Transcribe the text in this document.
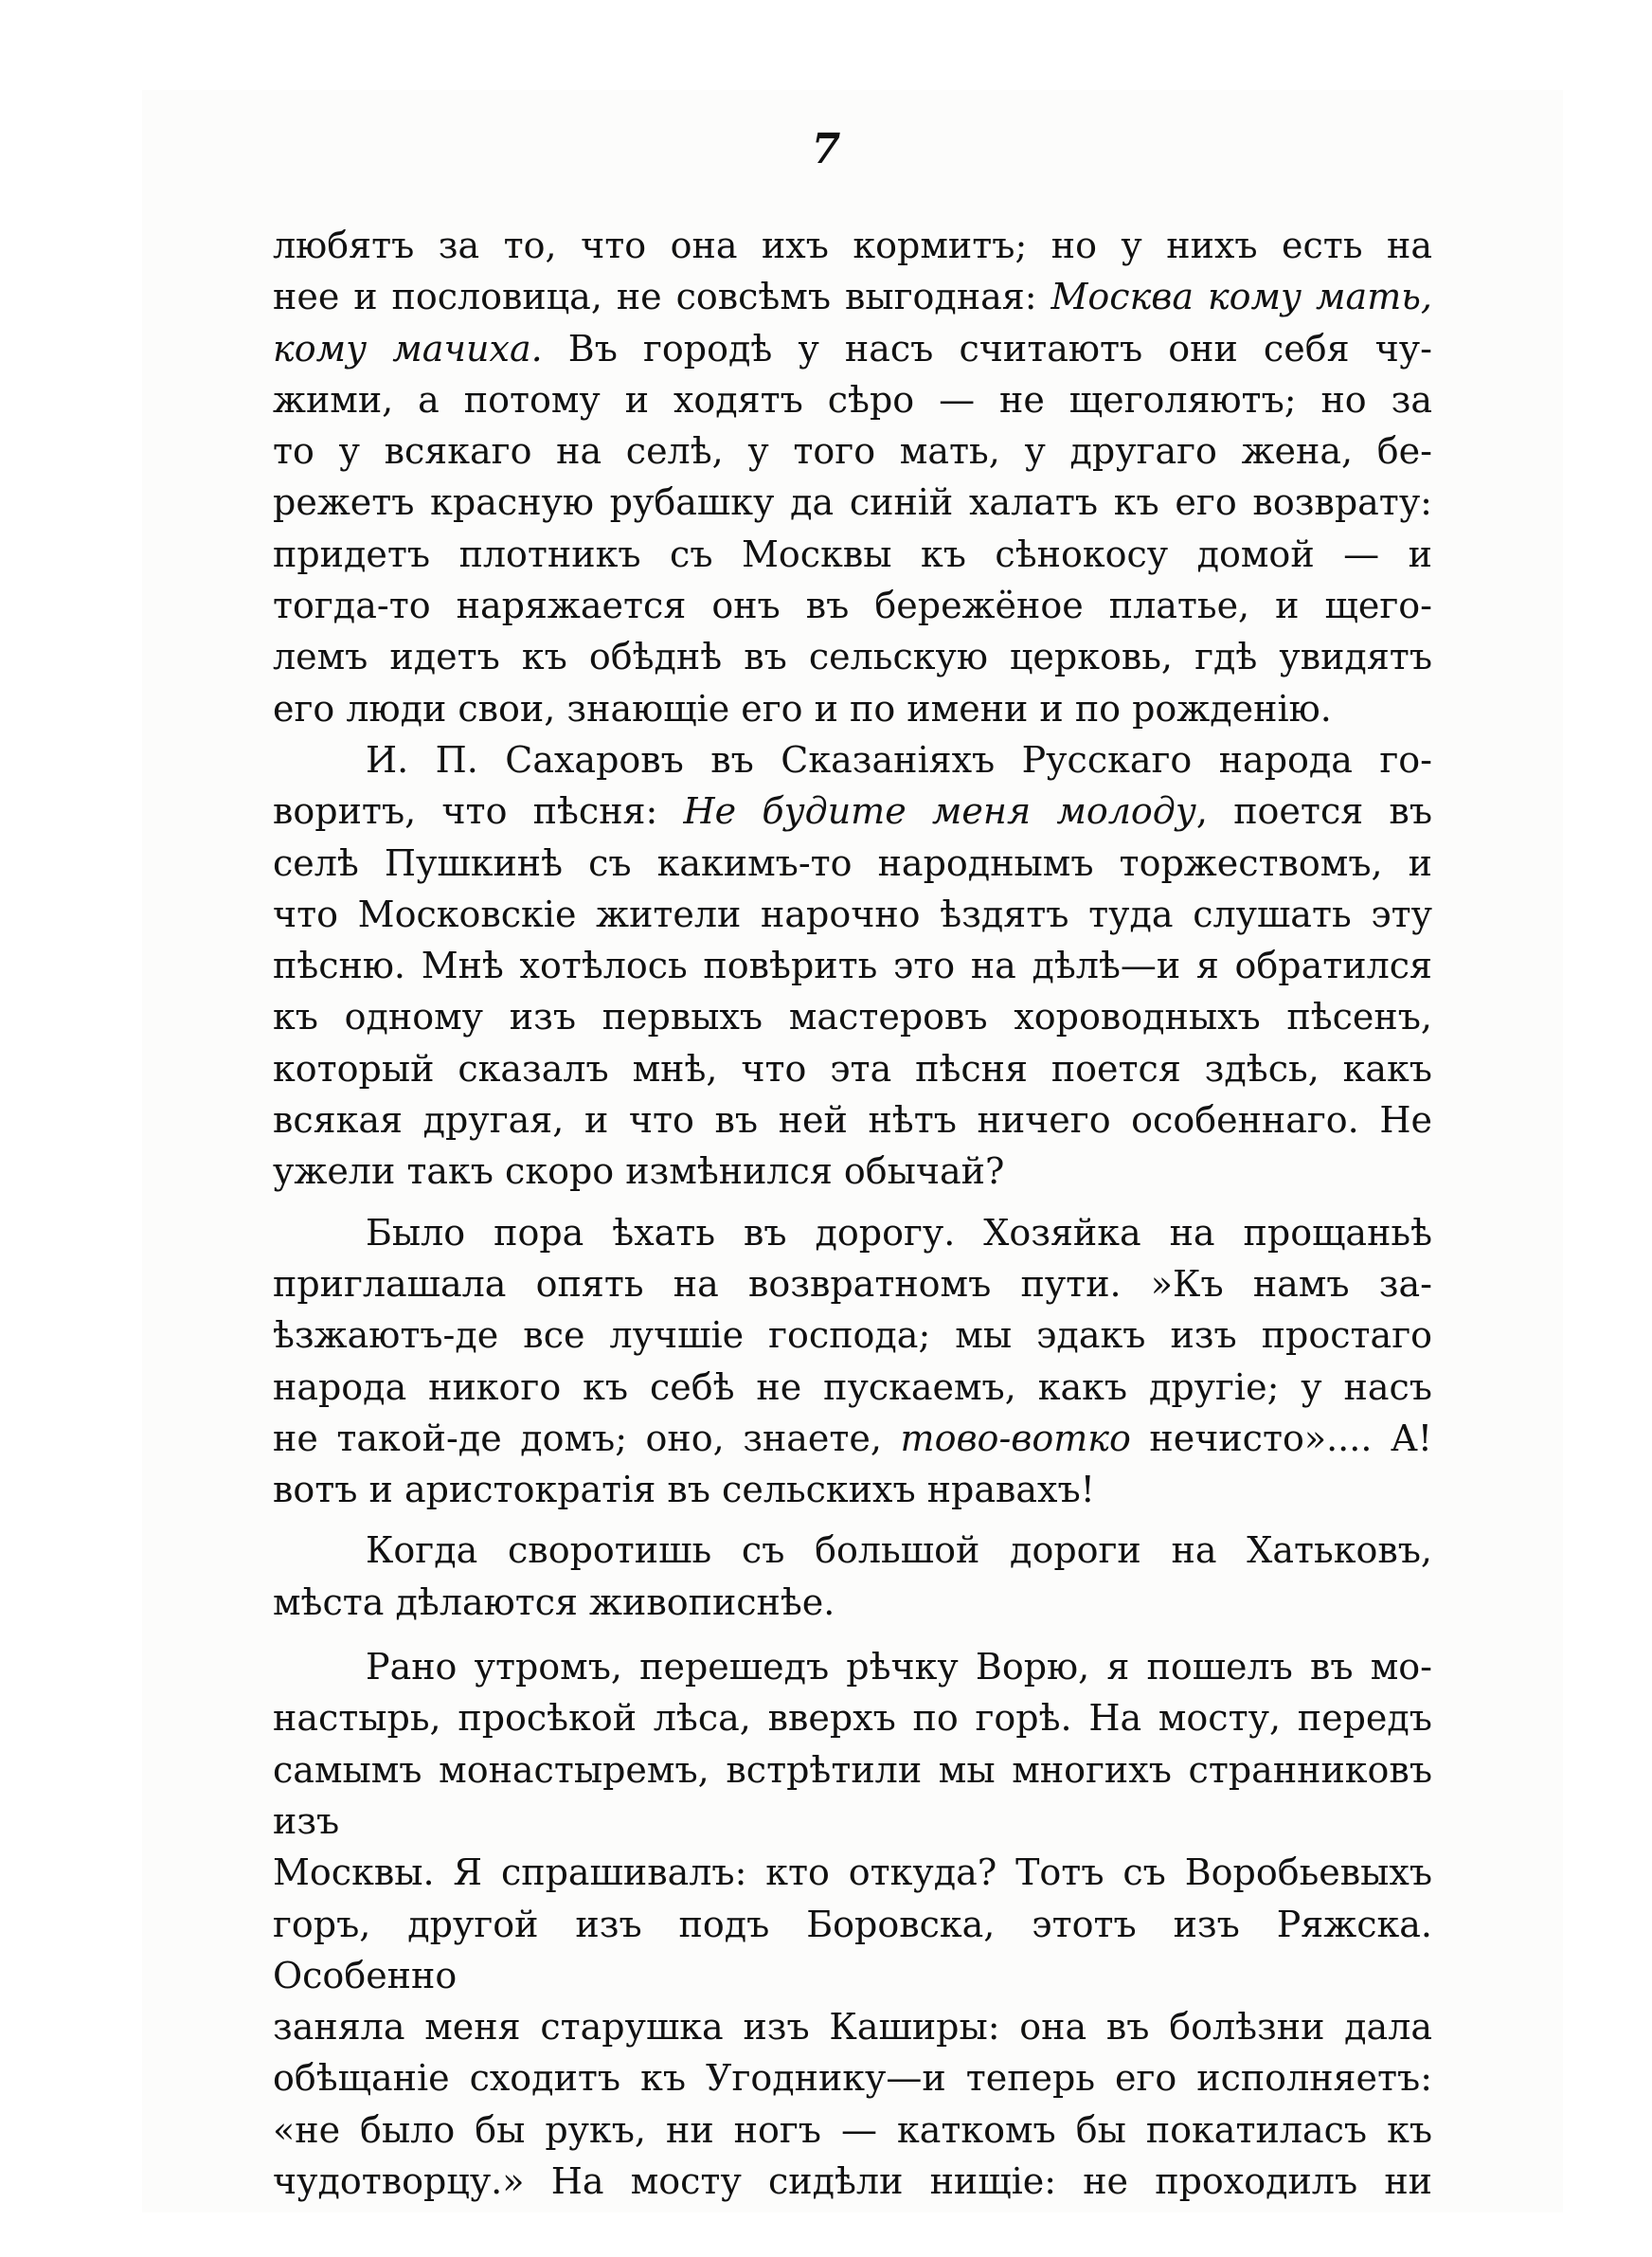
7

любятъ за то, что она ихъ кормитъ; но у нихъ есть на

нее и пословица, не совсѣмъ выгодная: Москва кому мать,

кому мачиха. Въ городѣ у насъ считаютъ они себя чу-

жими, а потому и ходятъ сѣро — не щеголяютъ; но за

то у всякаго на селѣ, у того мать, у другаго жена, бе-

режетъ красную рубашку да синій халатъ къ его возврату:

придетъ плотникъ съ Москвы къ сѣнокосу домой — и

тогда-то наряжается онъ въ бережёное платье, и щего-

лемъ идетъ къ обѣднѣ въ сельскую церковь, гдѣ увидятъ

его люди свои, знающіе его и по имени и по рожденію.

И. П. Сахаровъ въ Сказаніяхъ Русскаго народа го-

воритъ, что пѣсня: Не будите меня молоду, поется въ

селѣ Пушкинѣ съ какимъ-то народнымъ торжествомъ, и

что Московскіе жители нарочно ѣздятъ туда слушать эту

пѣсню. Мнѣ хотѣлось повѣрить это на дѣлѣ—и я обратился

къ одному изъ первыхъ мастеровъ хороводныхъ пѣсенъ,

который сказалъ мнѣ, что эта пѣсня поется здѣсь, какъ

всякая другая, и что въ ней нѣтъ ничего особеннаго. Не

ужели такъ скоро измѣнился обычай?

Было пора ѣхать въ дорогу. Хозяйка на прощаньѣ

приглашала опять на возвратномъ пути. »Къ намъ за-

ѣзжаютъ-де все лучшіе господа; мы эдакъ изъ простаго

народа никого къ себѣ не пускаемъ, какъ другіе; у насъ

не такой-де домъ; оно, знаете, тово-вотко нечисто».... А!

вотъ и аристократія въ сельскихъ нравахъ!

Когда своротишь съ большой дороги на Хатьковъ,

мѣста дѣлаются живописнѣе.

Рано утромъ, перешедъ рѣчку Ворю, я пошелъ въ мо-

настырь, просѣкой лѣса, вверхъ по горѣ. На мосту, передъ

самымъ монастыремъ, встрѣтили мы многихъ странниковъ изъ

Москвы. Я спрашивалъ: кто откуда? Тотъ съ Воробьевыхъ

горъ, другой изъ подъ Боровска, этотъ изъ Ряжска. Особенно

заняла меня старушка изъ Каширы: она въ болѣзни дала

обѣщаніе сходитъ къ Угоднику—и теперь его исполняетъ:

«не было бы рукъ, ни ногъ — каткомъ бы покатиласъ къ

чудотворцу.» На мосту сидѣли нищіе: не проходилъ ни
